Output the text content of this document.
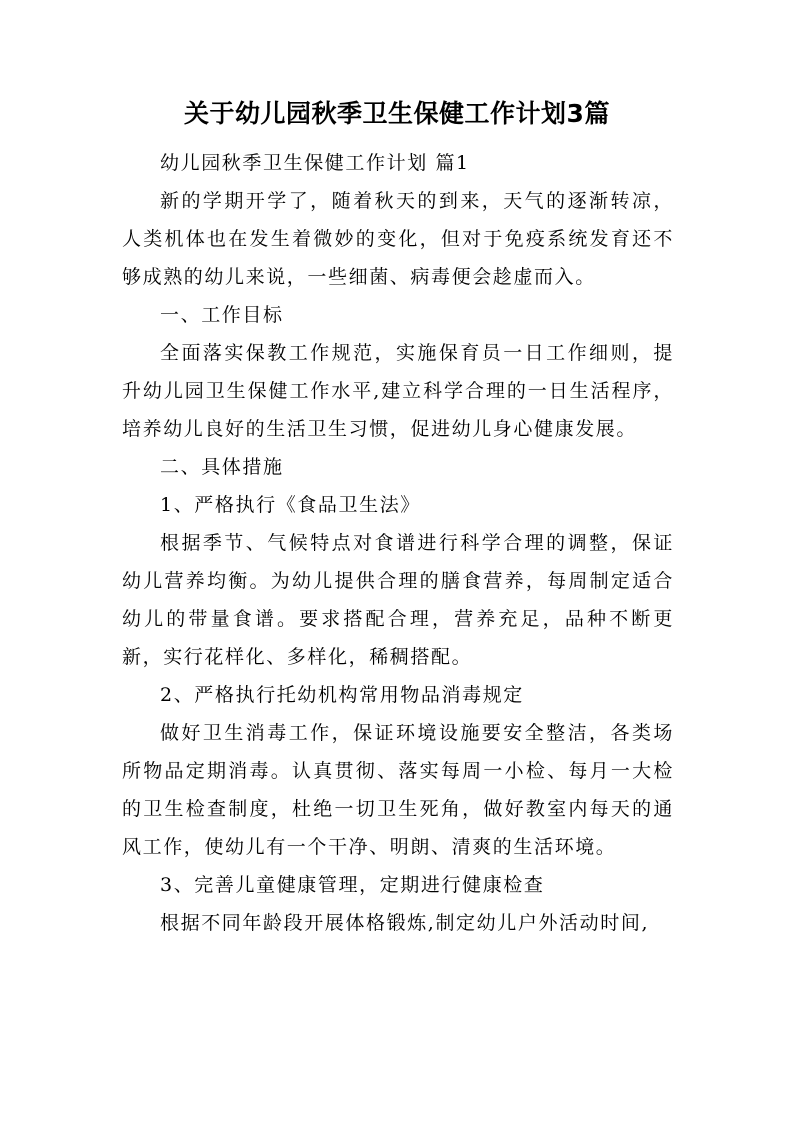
关于幼儿园秋季卫生保健工作计划3篇

幼儿园秋季卫生保健工作计划 篇1

新的学期开学了，随着秋天的到来，天气的逐渐转凉，人类机体也在发生着微妙的变化，但对于免疫系统发育还不够成熟的幼儿来说，一些细菌、病毒便会趁虚而入。

一、工作目标

全面落实保教工作规范，实施保育员一日工作细则，提升幼儿园卫生保健工作水平,建立科学合理的一日生活程序，培养幼儿良好的生活卫生习惯，促进幼儿身心健康发展。

二、具体措施

1、严格执行《食品卫生法》

根据季节、气候特点对食谱进行科学合理的调整，保证幼儿营养均衡。为幼儿提供合理的膳食营养，每周制定适合幼儿的带量食谱。要求搭配合理，营养充足，品种不断更新，实行花样化、多样化，稀稠搭配。

2、严格执行托幼机构常用物品消毒规定

做好卫生消毒工作，保证环境设施要安全整洁，各类场所物品定期消毒。认真贯彻、落实每周一小检、每月一大检的卫生检查制度，杜绝一切卫生死角，做好教室内每天的通风工作，使幼儿有一个干净、明朗、清爽的生活环境。

3、完善儿童健康管理，定期进行健康检查

根据不同年龄段开展体格锻炼,制定幼儿户外活动时间,
